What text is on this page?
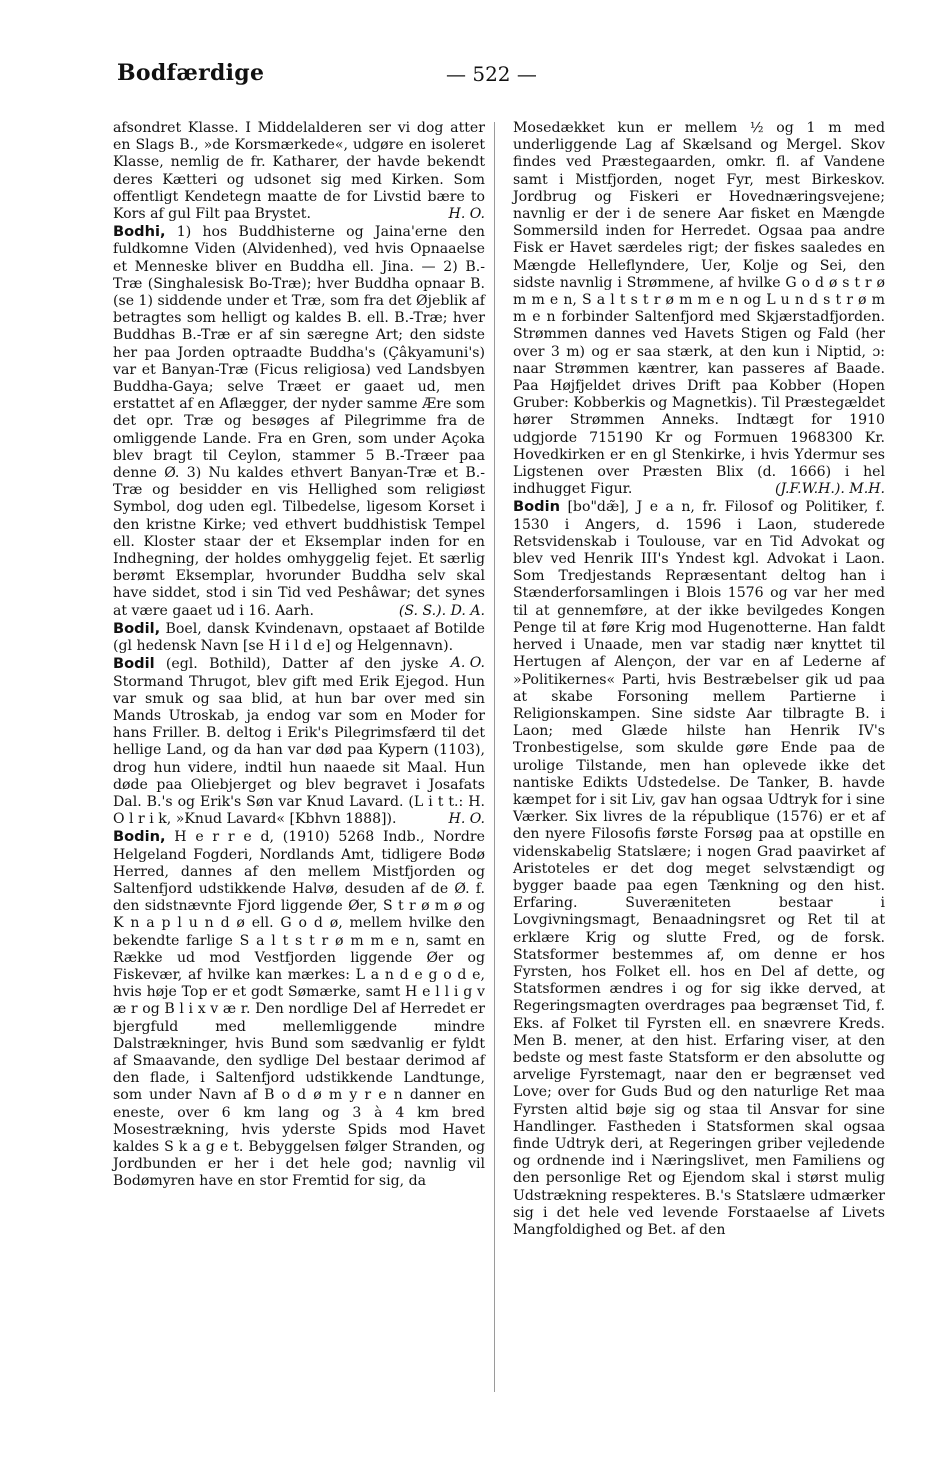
Bodfærdige	— 522 —

afsondret Klasse. I Middelalderen ser vi dog atter en Slags B., »de Korsmærkede«, udgøre en isoleret Klasse, nemlig de fr. Katharer, der havde bekendt deres Kætteri og udsonet sig med Kirken. Som offentligt Kendetegn maatte de for Livstid bære to Kors af gul Filt paa Brystet.	H. O.

Bodhi, 1) hos Buddhisterne og Jaina'erne den fuldkomne Viden (Alvidenhed), ved hvis Opnaaelse et Menneske bliver en Buddha ell. Jina. — 2) B.-Træ (Singhalesisk Bo-Træ); hver Buddha opnaar B. (se 1) siddende under et Træ, som fra det Øjeblik af betragtes som helligt og kaldes B. ell. B.-Træ; hver Buddhas B.-Træ er af sin særegne Art; den sidste her paa Jorden optraadte Buddha's (Çâkyamuni's) var et Banyan-Træ (Ficus religiosa) ved Landsbyen Buddha-Gaya; selve Træet er gaaet ud, men erstattet af en Aflægger, der nyder samme Ære som det opr. Træ og besøges af Pilegrimme fra de omliggende Lande. Fra en Gren, som under Açoka blev bragt til Ceylon, stammer 5 B.-Træer paa denne Ø. 3) Nu kaldes ethvert Banyan-Træ et B.-Træ og besidder en vis Hellighed som religiøst Symbol, dog uden egl. Tilbedelse, ligesom Korset i den kristne Kirke; ved ethvert buddhistisk Tempel ell. Kloster staar der et Eksemplar inden for en Indhegning, der holdes omhyggelig fejet. Et særlig berømt Eksemplar, hvorunder Buddha selv skal have siddet, stod i sin Tid ved Peshâwar; det synes at være gaaet ud i 16. Aarh.	(S. S.). D. A.

Bodil, Boel, dansk Kvindenavn, opstaaet af Botilde (gl hedensk Navn [se H i l d e] og Helgennavn).
A. O.

Bodil (egl. Bothild), Datter af den jyske Stormand Thrugot, blev gift med Erik Ejegod. Hun var smuk og saa blid, at hun bar over med sin Mands Utroskab, ja endog var som en Moder for hans Friller. B. deltog i Erik's Pilegrimsfærd til det hellige Land, og da han var død paa Kypern (1103), drog hun videre, indtil hun naaede sit Maal. Hun døde paa Oliebjerget og blev begravet i Josafats Dal. B.'s og Erik's Søn var Knud Lavard. (L i t t.: H. O l r i k, »Knud Lavard« [Kbhvn 1888]).	H. O.

Bodin, H e r r e d, (1910) 5268 Indb., Nordre Helgeland Fogderi, Nordlands Amt, tidligere Bodø Herred, dannes af den mellem Mistfjorden og Saltenfjord udstikkende Halvø, desuden af de Ø. f. den sidstnævnte Fjord liggende Øer, S t r ø m ø og K n a p l u n d ø ell. G o d ø, mellem hvilke den bekendte farlige S a l t s t r ø m m e n, samt en Række ud mod Vestfjorden liggende Øer og Fiskevær, af hvilke kan mærkes: L a n d e g o d e, hvis høje Top er et godt Sømærke, samt H e l l i g v æ r og B l i x v æ r. Den nordlige Del af Herredet er bjergfuld med mellemliggende mindre Dalstrækninger, hvis Bund som sædvanlig er fyldt af Smaavande, den sydlige Del bestaar derimod af den flade, i Saltenfjord udstikkende Landtunge, som under Navn af B o d ø m y r e n danner en eneste, over 6 km lang og 3 à 4 km bred Mosestrækning, hvis yderste Spids mod Havet kaldes S k a g e t. Bebyggelsen følger Stranden, og Jordbunden er her i det hele god; navnlig vil Bodømyren have en stor Fremtid for sig, da

Mosedækket kun er mellem ½ og 1 m med underliggende Lag af Skælsand og Mergel. Skov findes ved Præstegaarden, omkr. fl. af Vandene samt i Mistfjorden, noget Fyr, mest Birkeskov. Jordbrug og Fiskeri er Hovednæringsvejene; navnlig er der i de senere Aar fisket en Mængde Sommersild inden for Herredet. Ogsaa paa andre Fisk er Havet særdeles rigt; der fiskes saaledes en Mængde Helleflyndere, Uer, Kolje og Sei, den sidste navnlig i Strømmene, af hvilke G o d ø s t r ø m m e n, S a l t s t r ø m m e n og L u n d s t r ø m m e n forbinder Saltenfjord med Skjærstadfjorden. Strømmen dannes ved Havets Stigen og Fald (her over 3 m) og er saa stærk, at den kun i Niptid, ɔ: naar Strømmen kæntrer, kan passeres af Baade. Paa Højfjeldet drives Drift paa Kobber (Hopen Gruber: Kobberkis og Magnetkis). Til Præstegældet hører Strømmen Anneks. Indtægt for 1910 udgjorde 715190 Kr og Formuen 1968300 Kr. Hovedkirken er en gl Stenkirke, i hvis Ydermur ses Ligstenen over Præsten Blix (d. 1666) i hel indhugget Figur.	(J.F.W.H.). M.H.

Bodin [bo"dæ̃], J e a n, fr. Filosof og Politiker, f. 1530 i Angers, d. 1596 i Laon, studerede Retsvidenskab i Toulouse, var en Tid Advokat og blev ved Henrik III's Yndest kgl. Advokat i Laon. Som Tredjestands Repræsentant deltog han i Stænderforsamlingen i Blois 1576 og var her med til at gennemføre, at der ikke bevilgedes Kongen Penge til at føre Krig mod Hugenotterne. Han faldt herved i Unaade, men var stadig nær knyttet til Hertugen af Alençon, der var en af Lederne af »Politikernes« Parti, hvis Bestræbelser gik ud paa at skabe Forsoning mellem Partierne i Religionskampen. Sine sidste Aar tilbragte B. i Laon; med Glæde hilste han Henrik IV's Tronbestigelse, som skulde gøre Ende paa de urolige Tilstande, men han oplevede ikke det nantiske Edikts Udstedelse. De Tanker, B. havde kæmpet for i sit Liv, gav han ogsaa Udtryk for i sine Værker. Six livres de la république (1576) er et af den nyere Filosofis første Forsøg paa at opstille en videnskabelig Statslære; i nogen Grad paavirket af Aristoteles er det dog meget selvstændigt og bygger baade paa egen Tænkning og den hist. Erfaring. Suveræniteten bestaar i Lovgivningsmagt, Benaadningsret og Ret til at erklære Krig og slutte Fred, og de forsk. Statsformer bestemmes af, om denne er hos Fyrsten, hos Folket ell. hos en Del af dette, og Statsformen ændres i og for sig ikke derved, at Regeringsmagten overdrages paa begrænset Tid, f. Eks. af Folket til Fyrsten ell. en snævrere Kreds. Men B. mener, at den hist. Erfaring viser, at den bedste og mest faste Statsform er den absolutte og arvelige Fyrstemagt, naar den er begrænset ved Love; over for Guds Bud og den naturlige Ret maa Fyrsten altid bøje sig og staa til Ansvar for sine Handlinger. Fastheden i Statsformen skal ogsaa finde Udtryk deri, at Regeringen griber vejledende og ordnende ind i Næringslivet, men Familiens og den personlige Ret og Ejendom skal i størst mulig Udstrækning respekteres. B.'s Statslære udmærker sig i det hele ved levende Forstaaelse af Livets Mangfoldighed og Bet. af den
